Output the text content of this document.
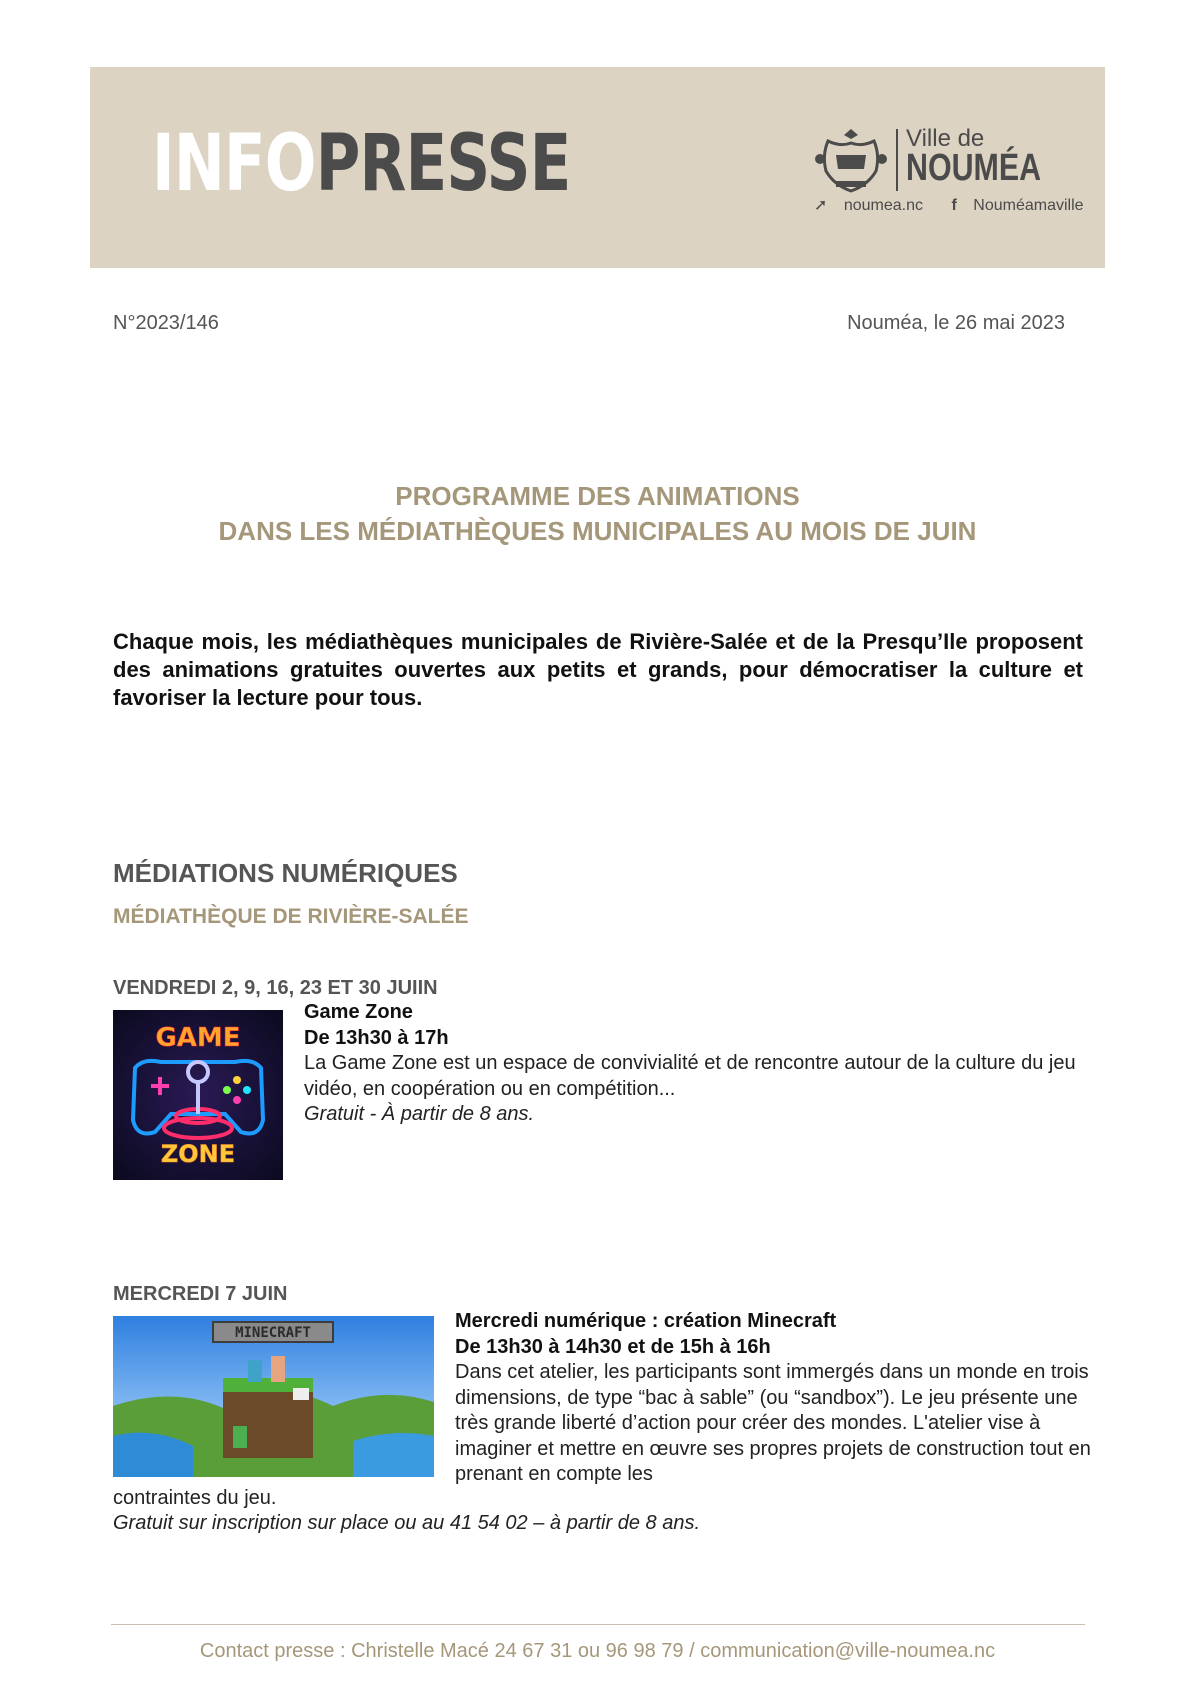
INFOPRESSE	Ville de
NOUMÉA
➚ noumea.nc f Nouméamaville
N°2023/146	Nouméa, le 26 mai 2023
PROGRAMME DES ANIMATIONS
DANS LES MÉDIATHÈQUES MUNICIPALES AU MOIS DE JUIN
Chaque mois, les médiathèques municipales de Rivière-Salée et de la Presqu’Ile proposent des animations gratuites ouvertes aux petits et grands, pour démocratiser la culture et favoriser la lecture pour tous.
MÉDIATIONS NUMÉRIQUES
MÉDIATHÈQUE DE RIVIÈRE-SALÉE
VENDREDI 2, 9, 16, 23 ET 30 JUIIN
GAME
ZONE
Game Zone
De 13h30 à 17h
La Game Zone est un espace de convivialité et de rencontre autour de la culture du jeu vidéo, en coopération ou en compétition...
Gratuit - À partir de 8 ans.
MERCREDI 7 JUIN
MINECRAFT
Mercredi numérique : création Minecraft
De 13h30 à 14h30 et de 15h à 16h
Dans cet atelier, les participants sont immergés dans un monde en trois dimensions, de type “bac à sable” (ou “sandbox”). Le jeu présente une très grande liberté d’action pour créer des mondes. L'atelier vise à imaginer et mettre en œuvre ses propres projets de construction tout en prenant en compte les
contraintes du jeu.
Gratuit sur inscription sur place ou au 41 54 02 – à partir de 8 ans.
Contact presse : Christelle Macé 24 67 31 ou 96 98 79 / communication@ville-noumea.nc
